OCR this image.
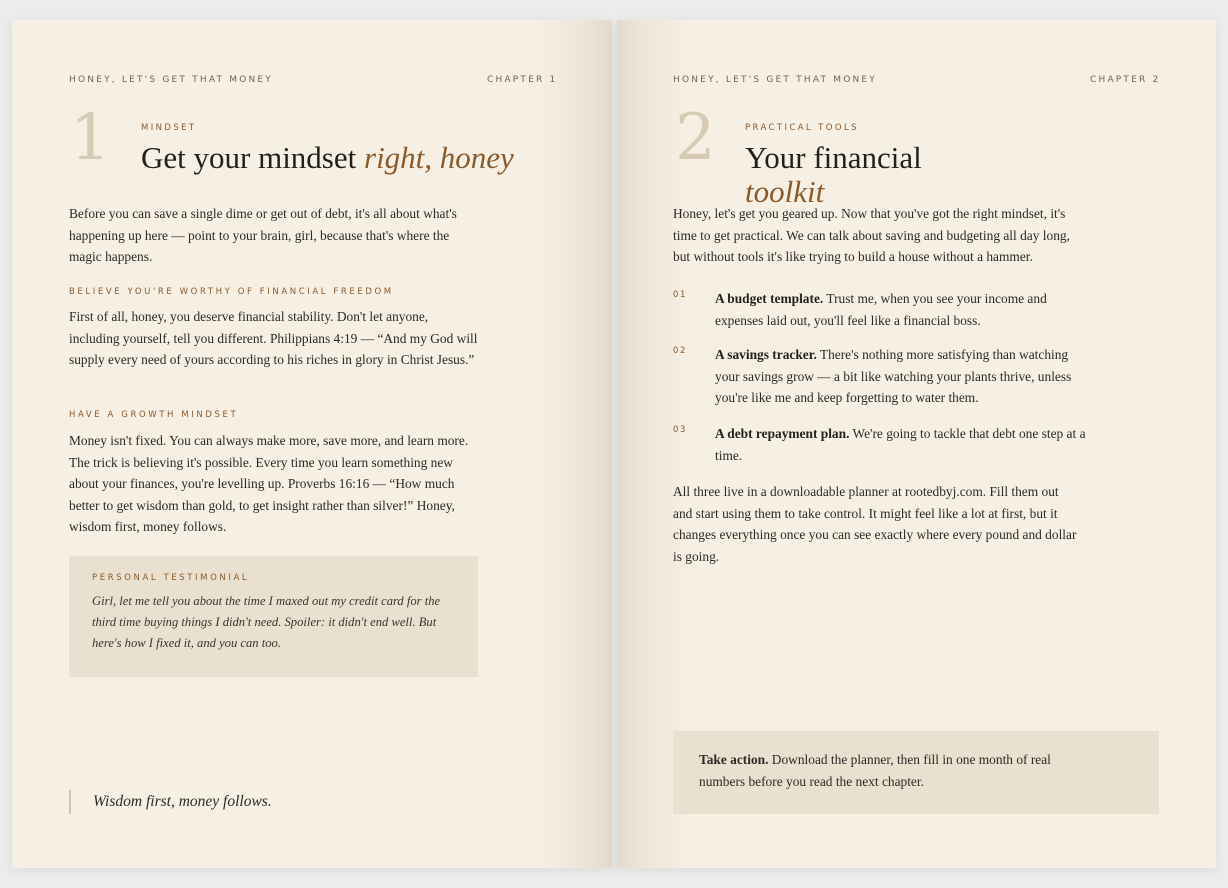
HONEY, LET'S GET THAT MONEY	CHAPTER 1
1	MINDSET
Get your mindset right, honey

Before you can save a single dime or get out of debt, it's all about what's happening up here — point to your brain, girl, because that's where the magic happens.

BELIEVE YOU'RE WORTHY OF FINANCIAL FREEDOM

First of all, honey, you deserve financial stability. Don't let anyone, including yourself, tell you different. Philippians 4:19 — “And my God will supply every need of yours according to his riches in glory in Christ Jesus.”

HAVE A GROWTH MINDSET

Money isn't fixed. You can always make more, save more, and learn more. The trick is believing it's possible. Every time you learn something new about your finances, you're levelling up. Proverbs 16:16 — “How much better to get wisdom than gold, to get insight rather than silver!” Honey, wisdom first, money follows.

PERSONAL TESTIMONIAL

Girl, let me tell you about the time I maxed out my credit card for the third time buying things I didn't need. Spoiler: it didn't end well. But here's how I fixed it, and you can too.

Wisdom first, money follows.
HONEY, LET'S GET THAT MONEY	CHAPTER 2
2	PRACTICAL TOOLS
Your financial
toolkit

Honey, let's get you geared up. Now that you've got the right mindset, it's time to get practical. We can talk about saving and budgeting all day long, but without tools it's like trying to build a house without a hammer.

01 A budget template. Trust me, when you see your income and expenses laid out, you'll feel like a financial boss.

02 A savings tracker. There's nothing more satisfying than watching your savings grow — a bit like watching your plants thrive, unless you're like me and keep forgetting to water them.

03 A debt repayment plan. We're going to tackle that debt one step at a time.

All three live in a downloadable planner at rootedbyj.com. Fill them out and start using them to take control. It might feel like a lot at first, but it changes everything once you can see exactly where every pound and dollar is going.

Take action. Download the planner, then fill in one month of real numbers before you read the next chapter.
